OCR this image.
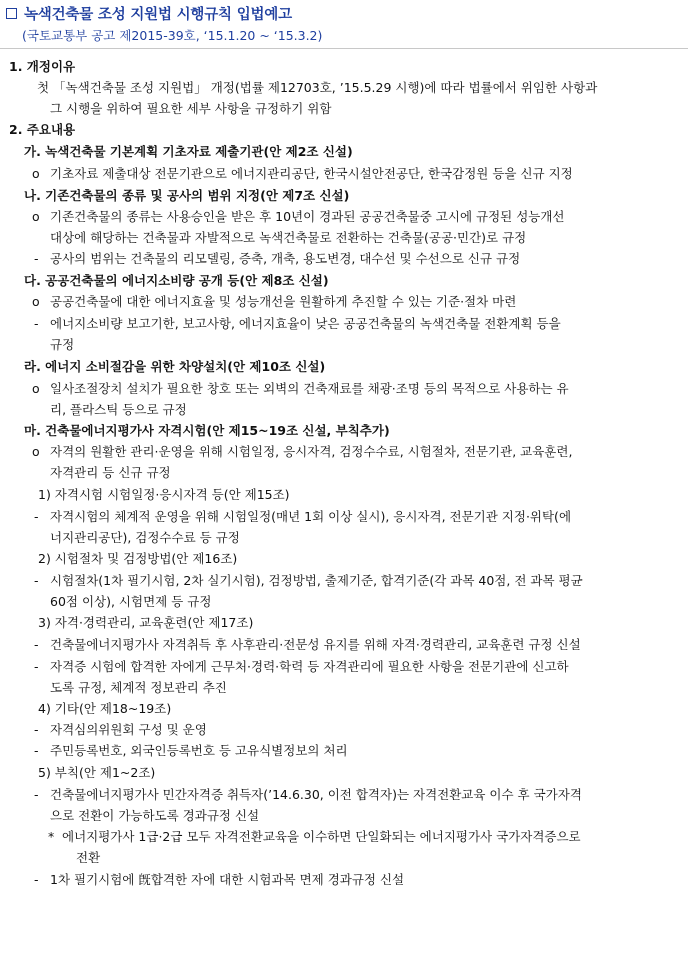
녹색건축물 조성 지원법 시행규칙 입법예고
(국토교통부 공고 제2015-39호, ‘15.1.20 ~ ‘15.3.2)
1. 개정이유
첫 「녹색건축물 조성 지원법」 개정(법률 제12703호, ’15.5.29 시행)에 따라 법률에서 위임한 사항과
그 시행을 위하여 필요한 세부 사항을 규정하기 위함
2. 주요내용
가. 녹색건축물 기본계획 기초자료 제출기관(안 제2조 신설)
ο 기초자료 제출대상 전문기관으로 에너지관리공단, 한국시설안전공단, 한국감정원 등을 신규 지정
나. 기존건축물의 종류 및 공사의 범위 지정(안 제7조 신설)
ο 기존건축물의 종류는 사용승인을 받은 후 10년이 경과된 공공건축물중 고시에 규정된 성능개선
대상에 해당하는 건축물과 자발적으로 녹색건축물로 전환하는 건축물(공공·민간)로 규정
- 공사의 범위는 건축물의 리모델링, 증축, 개축, 용도변경, 대수선 및 수선으로 신규 규정
다. 공공건축물의 에너지소비량 공개 등(안 제8조 신설)
ο 공공건축물에 대한 에너지효율 및 성능개선을 원활하게 추진할 수 있는 기준·절차 마련
- 에너지소비량 보고기한, 보고사항, 에너지효율이 낮은 공공건축물의 녹색건축물 전환계획 등을
규정
라. 에너지 소비절감을 위한 차양설치(안 제10조 신설)
ο 일사조절장치 설치가 필요한 창호 또는 외벽의 건축재료를 채광·조명 등의 목적으로 사용하는 유
리, 플라스틱 등으로 규정
마. 건축물에너지평가사 자격시험(안 제15~19조 신설, 부칙추가)
ο 자격의 원활한 관리·운영을 위해 시험일정, 응시자격, 검정수수료, 시험절차, 전문기관, 교육훈련,
자격관리 등 신규 규정
1) 자격시험 시험일정·응시자격 등(안 제15조)
- 자격시험의 체계적 운영을 위해 시험일정(매년 1회 이상 실시), 응시자격, 전문기관 지정·위탁(에
너지관리공단), 검정수수료 등 규정
2) 시험절차 및 검정방법(안 제16조)
- 시험절차(1차 필기시험, 2차 실기시험), 검정방법, 출제기준, 합격기준(각 과목 40점, 전 과목 평균
60점 이상), 시험면제 등 규정
3) 자격·경력관리, 교육훈련(안 제17조)
- 건축물에너지평가사 자격취득 후 사후관리·전문성 유지를 위해 자격·경력관리, 교육훈련 규정 신설
- 자격증 시험에 합격한 자에게 근무처·경력·학력 등 자격관리에 필요한 사항을 전문기관에 신고하
도록 규정, 체계적 정보관리 추진
4) 기타(안 제18~19조)
- 자격심의위원회 구성 및 운영
- 주민등록번호, 외국인등록번호 등 고유식별정보의 처리
5) 부칙(안 제1~2조)
- 건축물에너지평가사 민간자격증 취득자(’14.6.30, 이전 합격자)는 자격전환교육 이수 후 국가자격
으로 전환이 가능하도록 경과규정 신설
* 에너지평가사 1급·2급 모두 자격전환교육을 이수하면 단일화되는 에너지평가사 국가자격증으로
전환
- 1차 필기시험에 旣합격한 자에 대한 시험과목 면제 경과규정 신설
